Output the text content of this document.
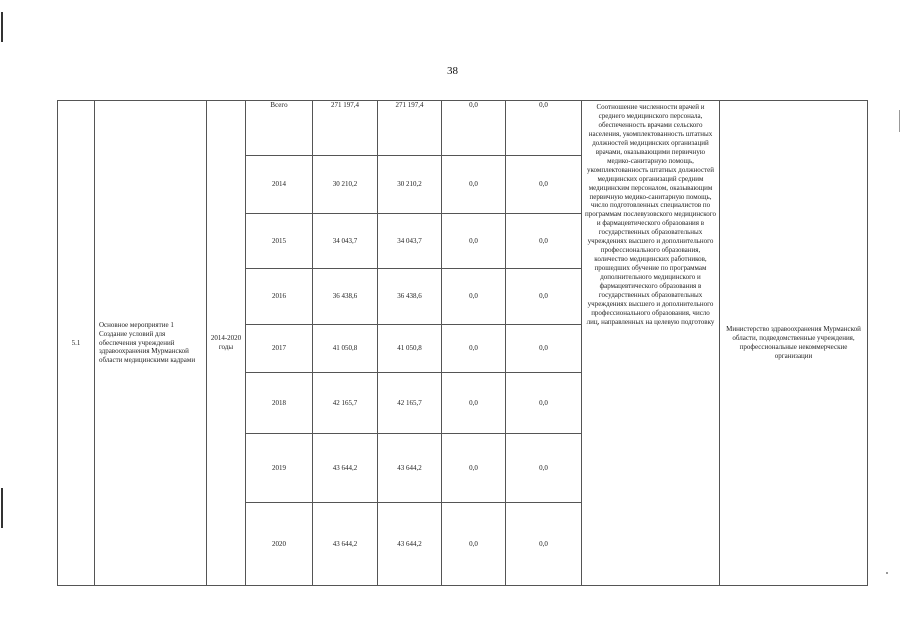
38
5.1	Основное мероприятие 1 Создание условий для обеспечения учреждений здравоохранения Мурманской области медицинскими кадрами	2014-2020 годы	Всего	271 197,4	271 197,4	0,0	0,0	Соотношение численности врачей и среднего медицинского персонала, обеспеченность врачами сельского населения, укомплектованность штатных должностей медицинских организаций врачами, оказывающими первичную медико-санитарную помощь, укомплектованность штатных должностей медицинских организаций средним медицинским персоналом, оказывающим первичную медико-санитарную помощь, число подготовленных специалистов по программам послевузовского медицинского и фармацевтического образования в государственных образовательных учреждениях высшего и дополнительного профессионального образования, количество медицинских работников, прошедших обучение по программам дополнительного медицинского и фармацевтического образования в государственных образовательных учреждениях высшего и дополнительного профессионального образования, число лиц, направленных на целевую подготовку	Министерство здравоохранения Мурманской области, подведомственные учреждения, профессиональные некоммерческие организации
			2014	30 210,2	30 210,2	0,0	0,0		
			2015	34 043,7	34 043,7	0,0	0,0		
			2016	36 438,6	36 438,6	0,0	0,0		
			2017	41 050,8	41 050,8	0,0	0,0		
			2018	42 165,7	42 165,7	0,0	0,0		
			2019	43 644,2	43 644,2	0,0	0,0		
			2020	43 644,2	43 644,2	0,0	0,0		
